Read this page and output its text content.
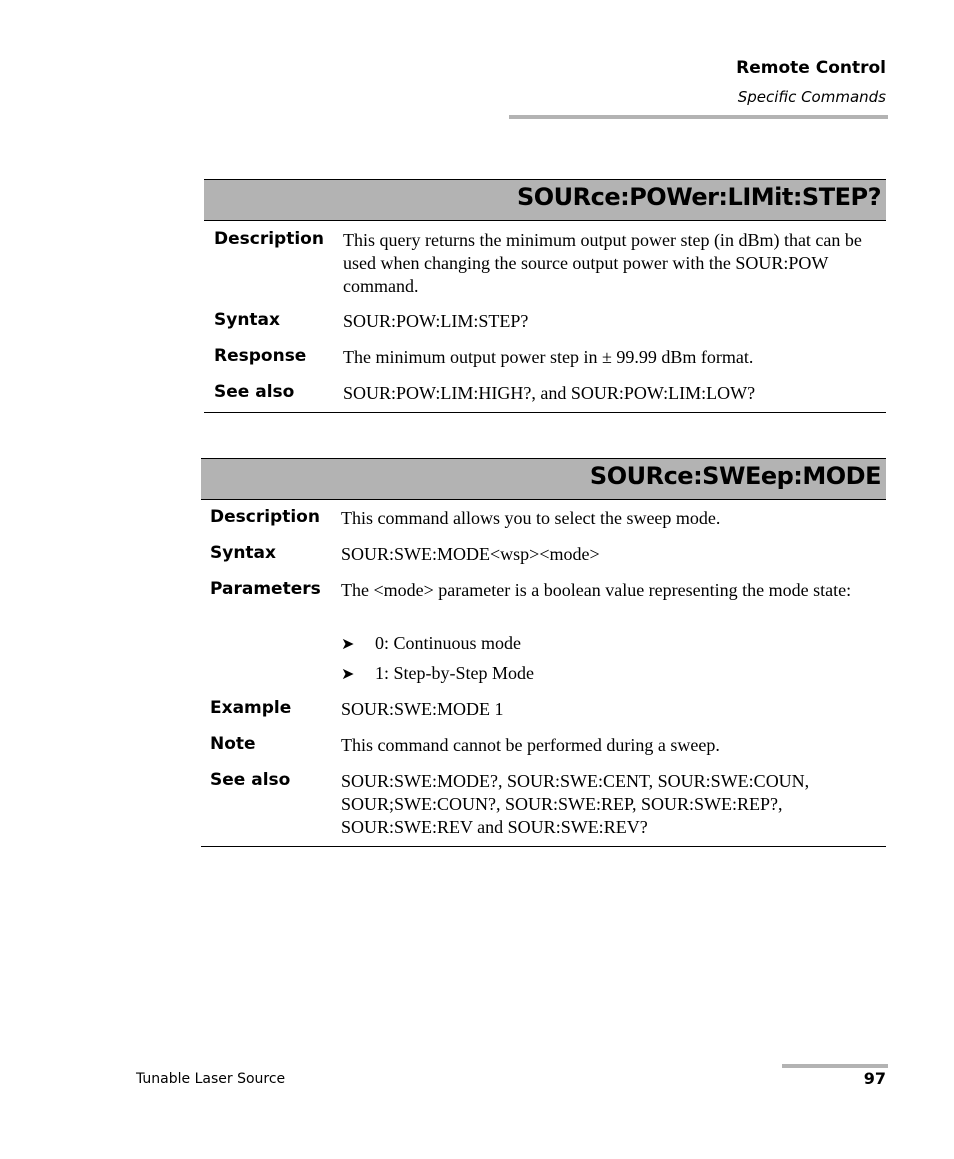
Remote Control
Specific Commands
SOURce:POWer:LIMit:STEP?
Description This query returns the minimum output power step (in dBm) that can be used when changing the source output power with the SOUR:POW command.
Syntax	SOUR:POW:LIM:STEP?
Response The minimum output power step in ± 99.99 dBm format.
See also	SOUR:POW:LIM:HIGH?, and SOUR:POW:LIM:LOW?
SOURce:SWEep:MODE
Description This command allows you to select the sweep mode.
Syntax	SOUR:SWE:MODE<wsp><mode>
Parameters The <mode> parameter is a boolean value representing the mode state:
➤ 0: Continuous mode
➤ 1: Step-by-Step Mode
Example	SOUR:SWE:MODE 1
Note	This command cannot be performed during a sweep.
See also	SOUR:SWE:MODE?, SOUR:SWE:CENT, SOUR:SWE:COUN, SOUR;SWE:COUN?, SOUR:SWE:REP, SOUR:SWE:REP?, SOUR:SWE:REV and SOUR:SWE:REV?
Tunable Laser Source	97
